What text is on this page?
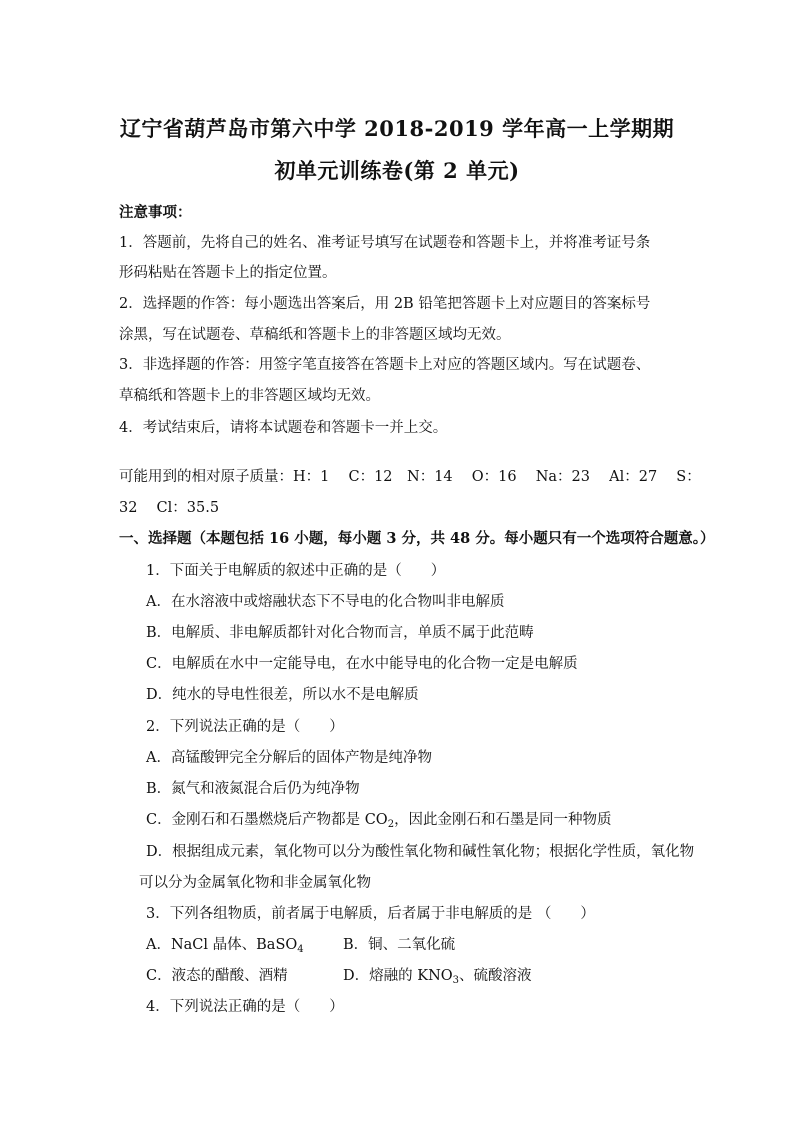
辽宁省葫芦岛市第六中学 2018-2019 学年高一上学期期
初单元训练卷(第 2 单元)
注意事项：
1．答题前，先将自己的姓名、准考证号填写在试题卷和答题卡上，并将准考证号条
形码粘贴在答题卡上的指定位置。
2．选择题的作答：每小题选出答案后，用 2B 铅笔把答题卡上对应题目的答案标号
涂黑，写在试题卷、草稿纸和答题卡上的非答题区域均无效。
3．非选择题的作答：用签字笔直接答在答题卡上对应的答题区域内。写在试题卷、
草稿纸和答题卡上的非答题区域均无效。
4．考试结束后，请将本试题卷和答题卡一并上交。
可能用到的相对原子质量：H：1　 C：12　N：14　 O：16　 Na：23　 Al：27　 S：
32　 Cl：35.5
一、选择题（本题包括 16 小题，每小题 3 分，共 48 分。每小题只有一个选项符合题意。）
1．下面关于电解质的叙述中正确的是（　　）
A．在水溶液中或熔融状态下不导电的化合物叫非电解质
B．电解质、非电解质都针对化合物而言，单质不属于此范畴
C．电解质在水中一定能导电，在水中能导电的化合物一定是电解质
D．纯水的导电性很差，所以水不是电解质
2．下列说法正确的是（　　）
A．高锰酸钾完全分解后的固体产物是纯净物
B．氮气和液氮混合后仍为纯净物
C．金刚石和石墨燃烧后产物都是 $CO_2$，因此金刚石和石墨是同一种物质
D．根据组成元素，氧化物可以分为酸性氧化物和碱性氧化物；根据化学性质，氧化物
可以分为金属氧化物和非金属氧化物
3．下列各组物质，前者属于电解质，后者属于非电解质的是 （　　）
A．NaCl 晶体、BaSO$_4$	B．铜、二氧化硫
C．液态的醋酸、酒精	D．熔融的 $KNO_3$、硫酸溶液
4．下列说法正确的是（　　）
